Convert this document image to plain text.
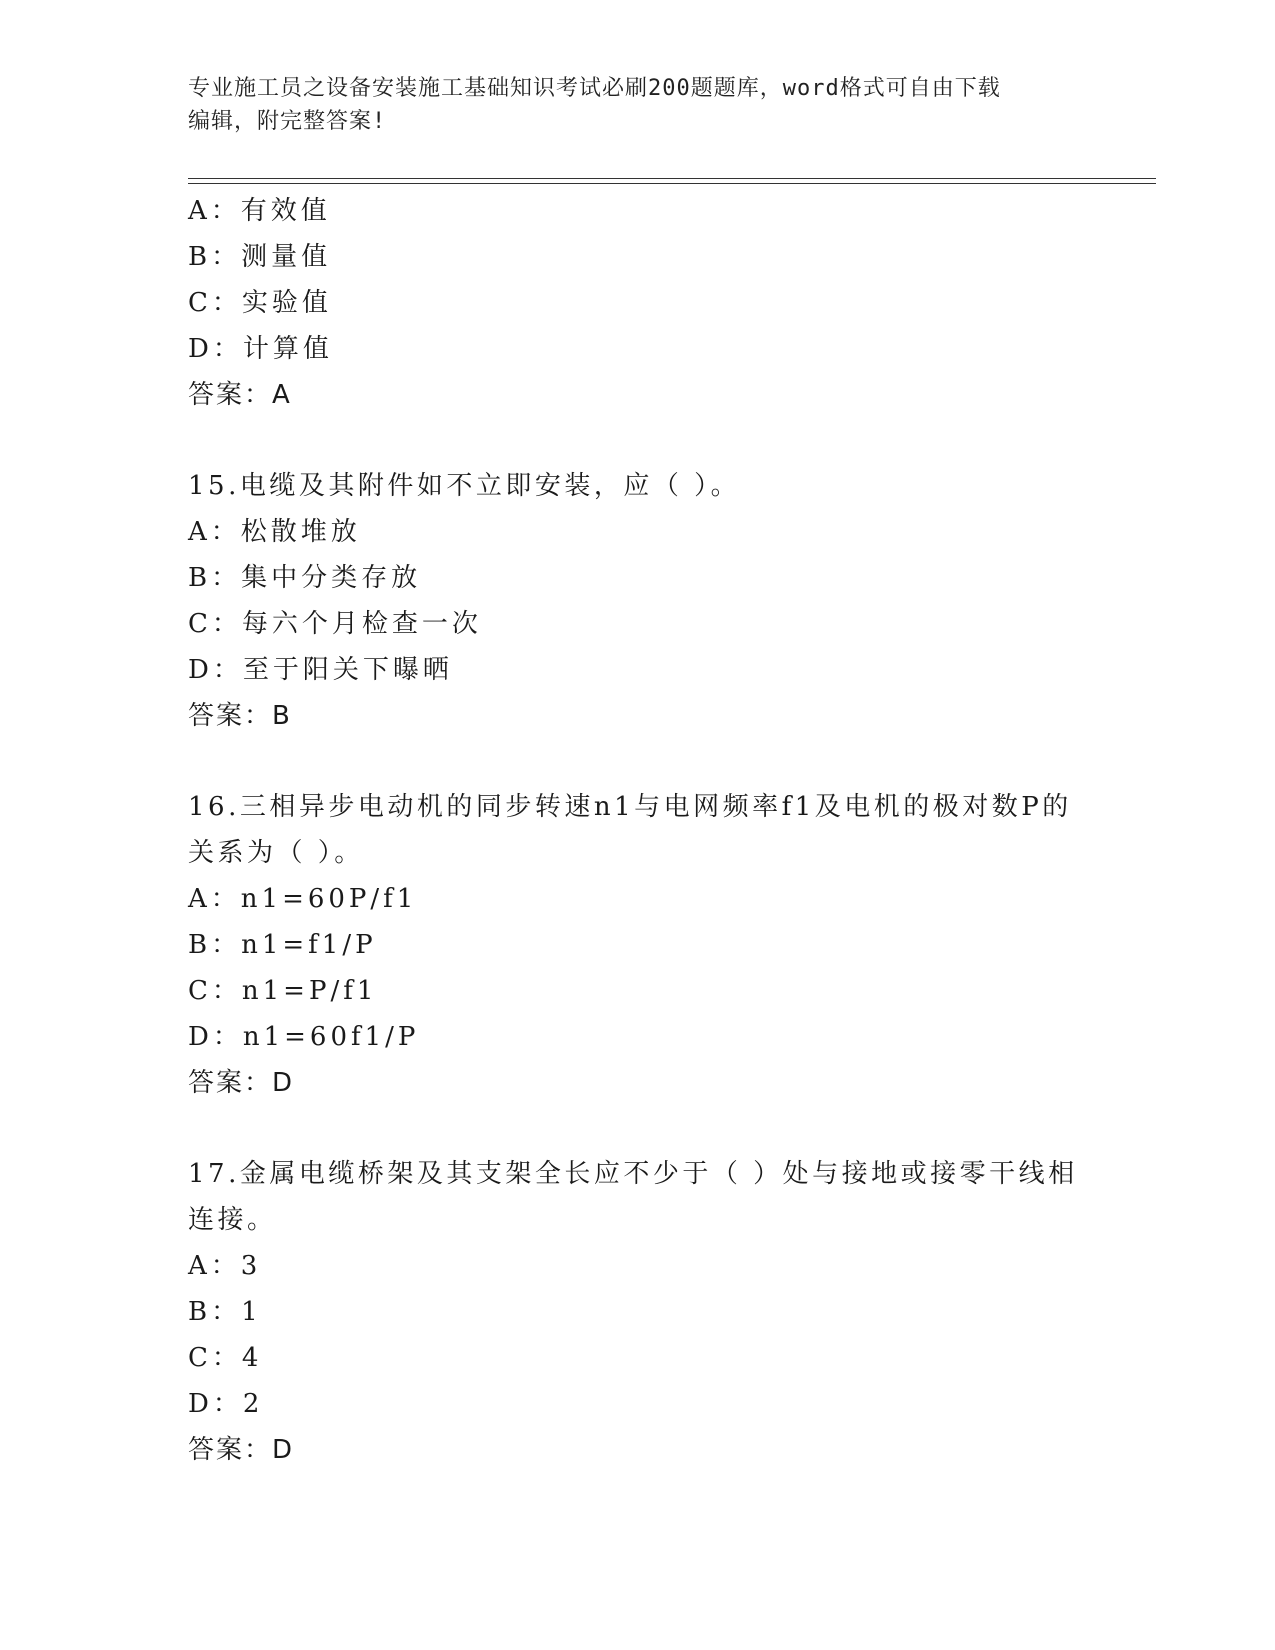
专业施工员之设备安装施工基础知识考试必刷200题题库，word格式可自由下载
编辑，附完整答案!
A：有效值
B：测量值
C：实验值
D：计算值
答案：A
15.电缆及其附件如不立即安装，应（ ）。
A：松散堆放
B：集中分类存放
C：每六个月检查一次
D：至于阳关下曝晒
答案：B
16.三相异步电动机的同步转速n1与电网频率f1及电机的极对数P的
关系为（ ）。
A：n1=60P/f1
B：n1=f1/P
C：n1=P/f1
D：n1=60f1/P
答案：D
17.金属电缆桥架及其支架全长应不少于（ ）处与接地或接零干线相
连接。
A：3
B：1
C：4
D：2
答案：D
